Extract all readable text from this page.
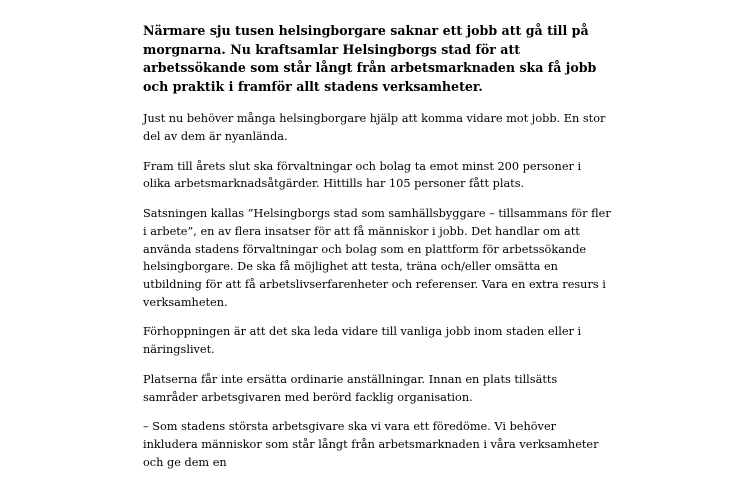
Närmare sju tusen helsingborgare saknar ett jobb att gå till på morgnarna. Nu kraftsamlar Helsingborgs stad för att arbetssökande som står långt från arbetsmarknaden ska få jobb och praktik i framför allt stadens verksamheter.

Just nu behöver många helsingborgare hjälp att komma vidare mot jobb. En stor del av dem är nyanlända.

Fram till årets slut ska förvaltningar och bolag ta emot minst 200 personer i olika arbetsmarknadsåtgärder. Hittills har 105 personer fått plats.

Satsningen kallas ”Helsingborgs stad som samhällsbyggare – tillsammans för fler i arbete”, en av flera insatser för att få människor i jobb. Det handlar om att använda stadens förvaltningar och bolag som en plattform för arbetssökande helsingborgare. De ska få möjlighet att testa, träna och/eller omsätta en utbildning för att få arbetslivserfarenheter och referenser. Vara en extra resurs i verksamheten.

Förhoppningen är att det ska leda vidare till vanliga jobb inom staden eller i näringslivet.

Platserna får inte ersätta ordinarie anställningar. Innan en plats tillsätts samråder arbetsgivaren med berörd facklig organisation.

– Som stadens största arbetsgivare ska vi vara ett föredöme. Vi behöver inkludera människor som står långt från arbetsmarknaden i våra verksamheter och ge dem en
